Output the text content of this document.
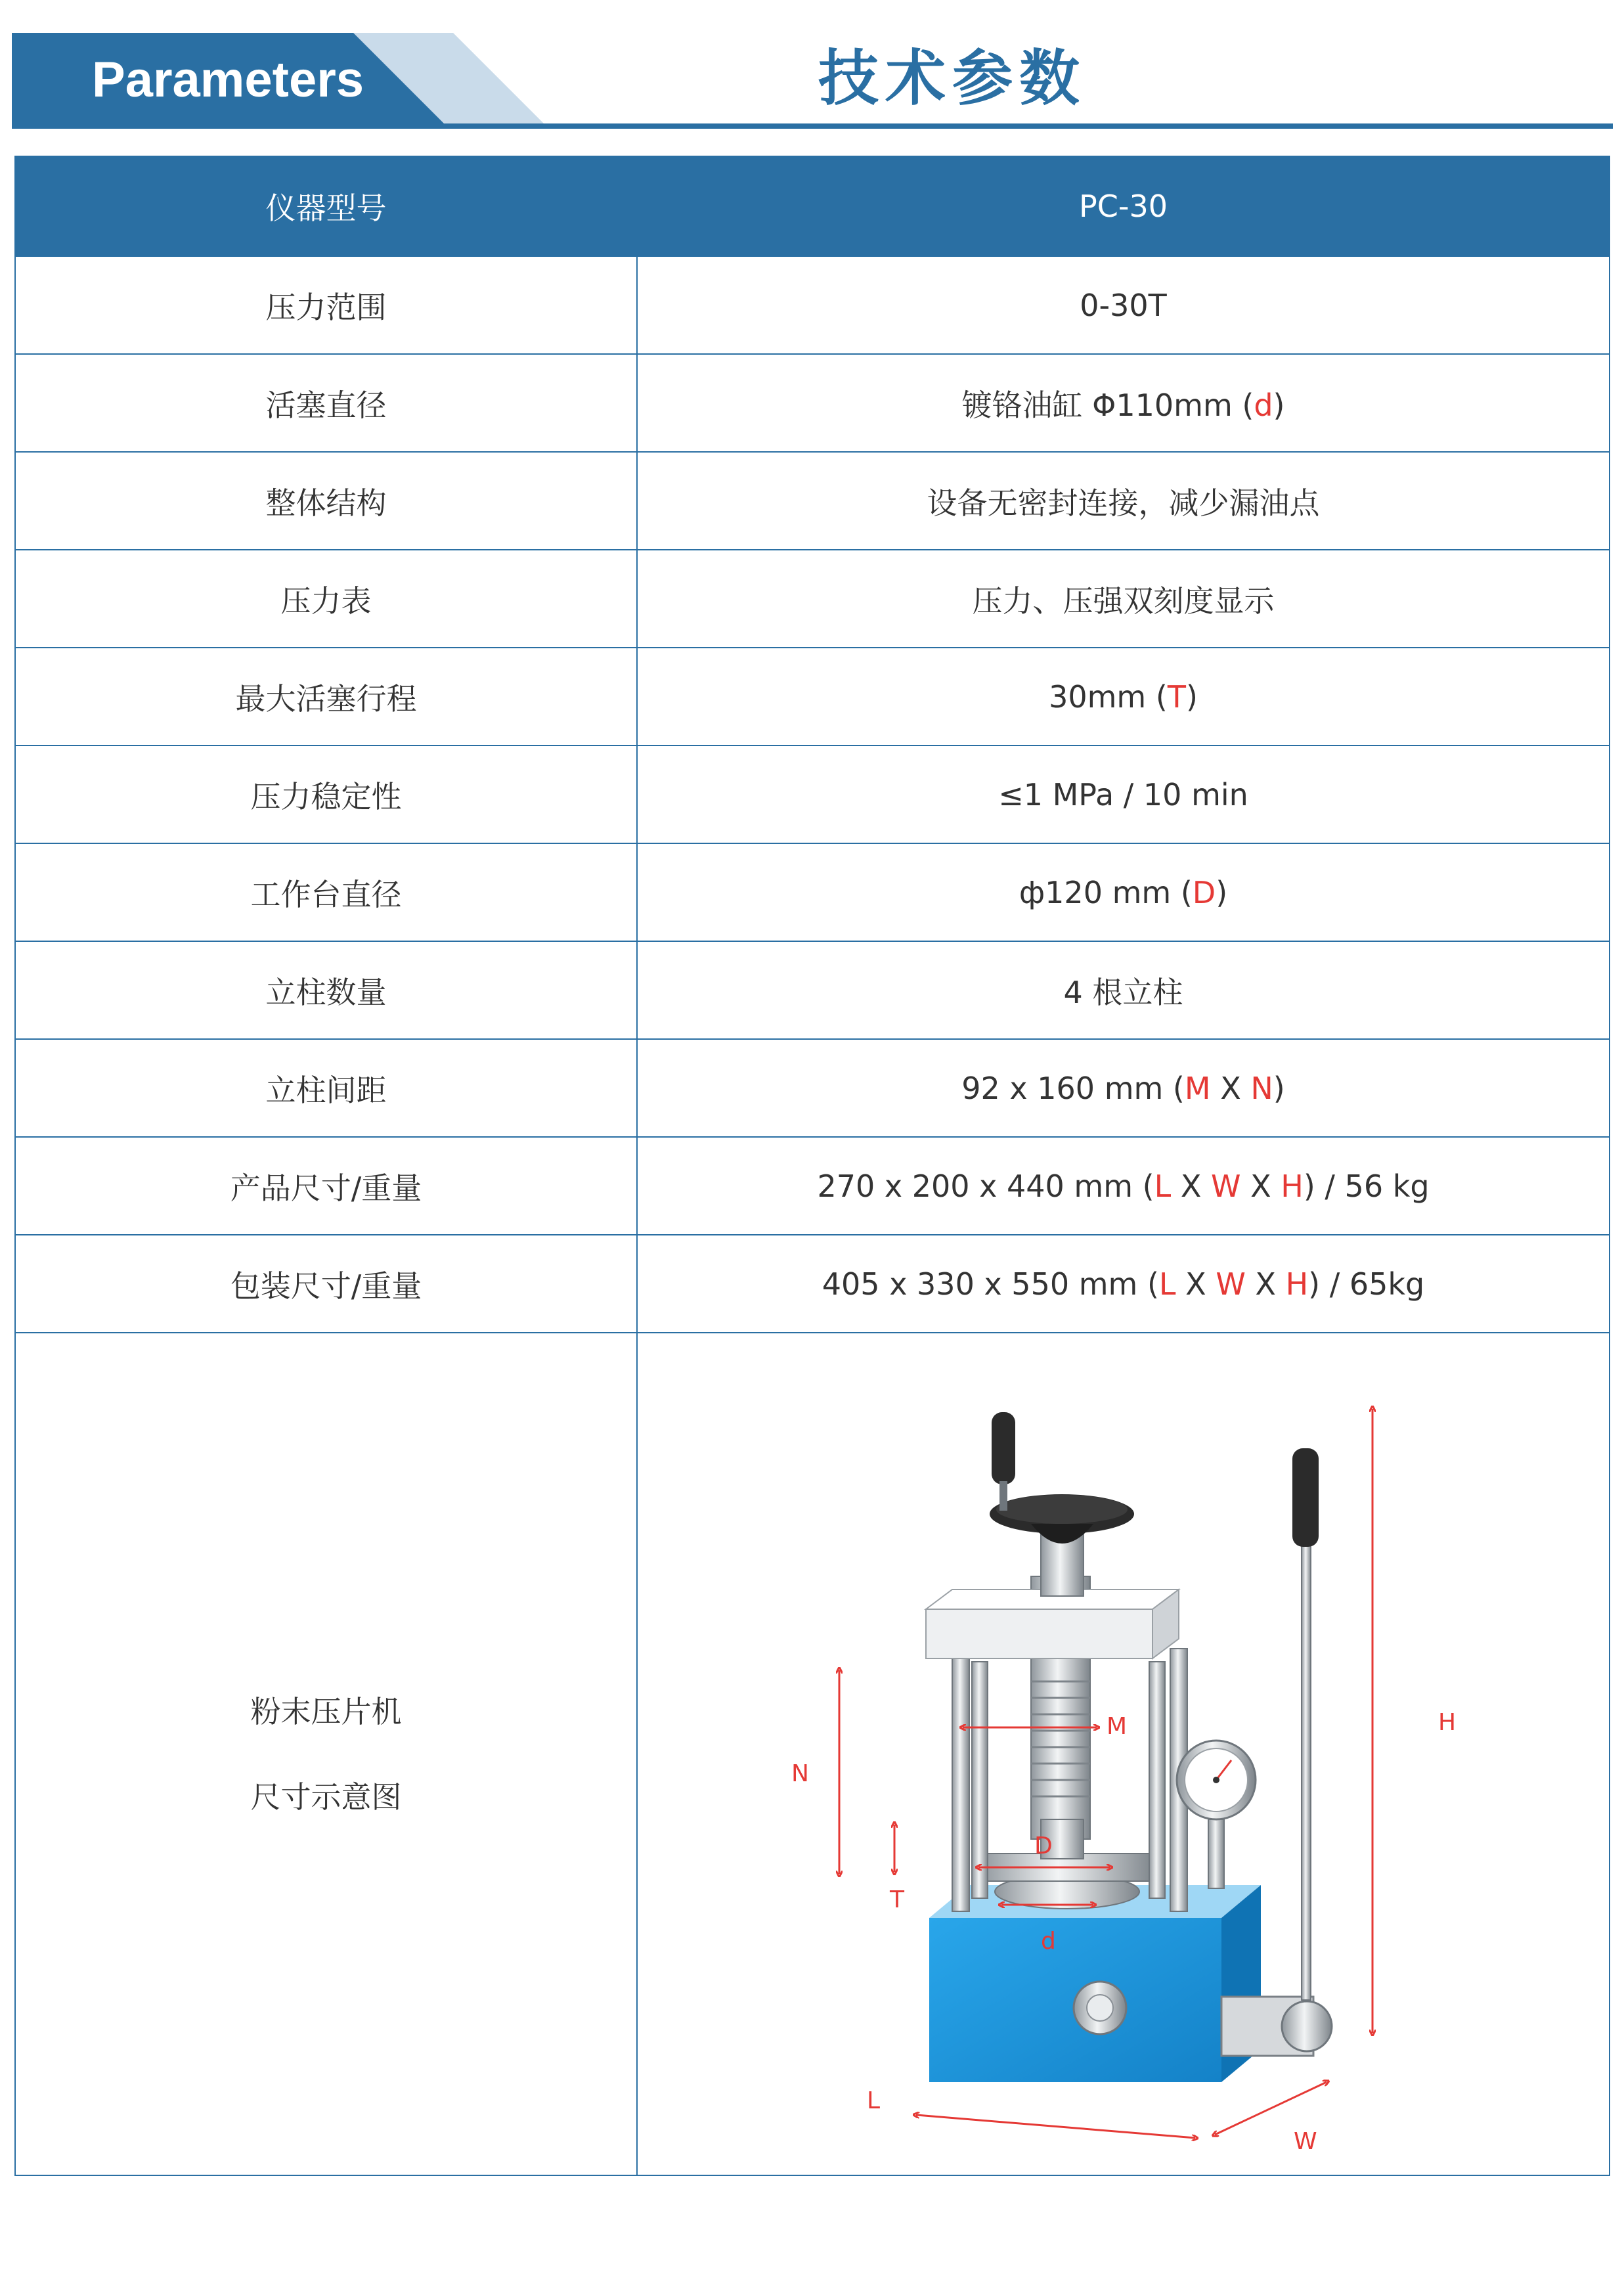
Parameters	技术参数
仪器型号	PC-30
压力范围	0-30T
活塞直径	镀铬油缸 Φ110mm (d)
整体结构	设备无密封连接，减少漏油点
压力表	压力、压强双刻度显示
最大活塞行程	30mm (T)
压力稳定性	≤1 MPa / 10 min
工作台直径	ф120 mm (D)
立柱数量	4 根立柱
立柱间距	92 x 160 mm (M X N)
产品尺寸/重量	270 x 200 x 440 mm (L X W X H) / 56 kg
包装尺寸/重量	405 x 330 x 550 mm (L X W X H) / 65kg

粉末压片机
尺寸示意图	

H
N
T
M
D
d
L
W
